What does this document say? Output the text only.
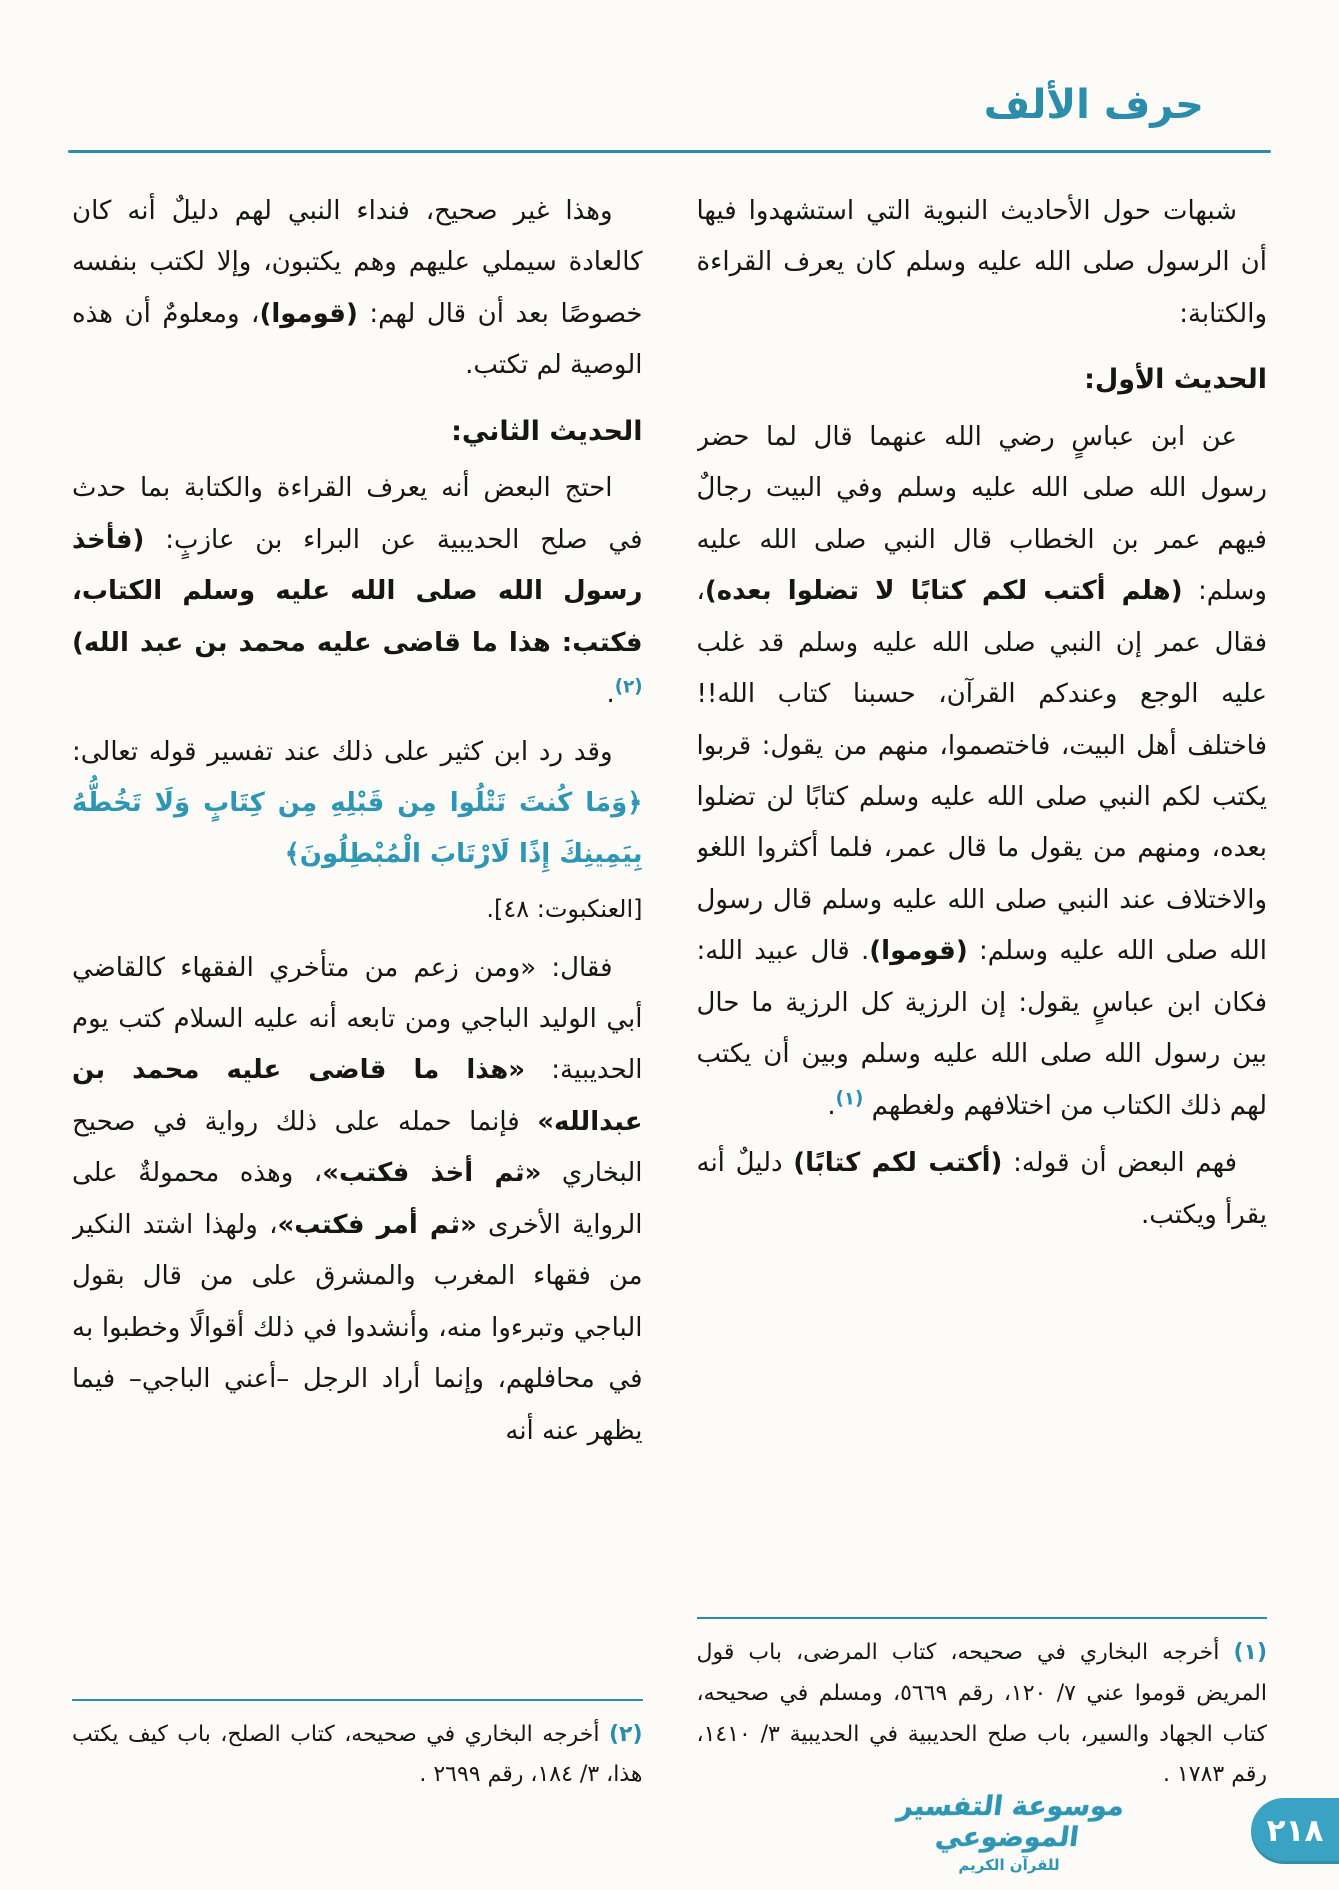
حرف الألف

شبهات حول الأحاديث النبوية التي استشهدوا فيها أن الرسول صلى الله عليه وسلم كان يعرف القراءة والكتابة:

الحديث الأول:

عن ابن عباسٍ رضي الله عنهما قال لما حضر رسول الله صلى الله عليه وسلم وفي البيت رجالٌ فيهم عمر بن الخطاب قال النبي صلى الله عليه وسلم: (هلم أكتب لكم كتابًا لا تضلوا بعده)، فقال عمر إن النبي صلى الله عليه وسلم قد غلب عليه الوجع وعندكم القرآن، حسبنا كتاب الله!! فاختلف أهل البيت، فاختصموا، منهم من يقول: قربوا يكتب لكم النبي صلى الله عليه وسلم كتابًا لن تضلوا بعده، ومنهم من يقول ما قال عمر، فلما أكثروا اللغو والاختلاف عند النبي صلى الله عليه وسلم قال رسول الله صلى الله عليه وسلم: (قوموا). قال عبيد الله: فكان ابن عباسٍ يقول: إن الرزية كل الرزية ما حال بين رسول الله صلى الله عليه وسلم وبين أن يكتب لهم ذلك الكتاب من اختلافهم ولغطهم $^{(١)}$.

فهم البعض أن قوله: (أكتب لكم كتابًا) دليلٌ أنه يقرأ ويكتب.

(١) أخرجه البخاري في صحيحه، كتاب المرضى، باب قول المريض قوموا عني ٧/ ١٢٠، رقم ٥٦٦٩، ومسلم في صحيحه، كتاب الجهاد والسير، باب صلح الحديبية في الحديبية ٣/ ١٤١٠، رقم ١٧٨٣ .

وهذا غير صحيح، فنداء النبي لهم دليلٌ أنه كان كالعادة سيملي عليهم وهم يكتبون، وإلا لكتب بنفسه خصوصًا بعد أن قال لهم: (قوموا)، ومعلومٌ أن هذه الوصية لم تكتب.

الحديث الثاني:

احتج البعض أنه يعرف القراءة والكتابة بما حدث في صلح الحديبية عن البراء بن عازبٍ: (فأخذ رسول الله صلى الله عليه وسلم الكتاب، فكتب: هذا ما قاضى عليه محمد بن عبد الله)$^{(٢)}$.

وقد رد ابن كثير على ذلك عند تفسير قوله تعالى: ﴿وَمَا كُنتَ تَتْلُوا مِن قَبْلِهِ مِن كِتَابٍ وَلَا تَخُطُّهُ بِيَمِينِكَ إِذًا لَارْتَابَ الْمُبْطِلُونَ﴾

[العنكبوت: ٤٨].

فقال: «ومن زعم من متأخري الفقهاء كالقاضي أبي الوليد الباجي ومن تابعه أنه عليه السلام كتب يوم الحديبية: «هذا ما قاضى عليه محمد بن عبدالله» فإنما حمله على ذلك رواية في صحيح البخاري «ثم أخذ فكتب»، وهذه محمولةٌ على الرواية الأخرى «ثم أمر فكتب»، ولهذا اشتد النكير من فقهاء المغرب والمشرق على من قال بقول الباجي وتبرءوا منه، وأنشدوا في ذلك أقوالًا وخطبوا به في محافلهم، وإنما أراد الرجل –أعني الباجي– فيما يظهر عنه أنه

(٢) أخرجه البخاري في صحيحه، كتاب الصلح، باب كيف يكتب هذا، ٣/ ١٨٤، رقم ٢٦٩٩ .

موسوعة التفسير الموضوعي
للقرآن الكريم
٢١٨
